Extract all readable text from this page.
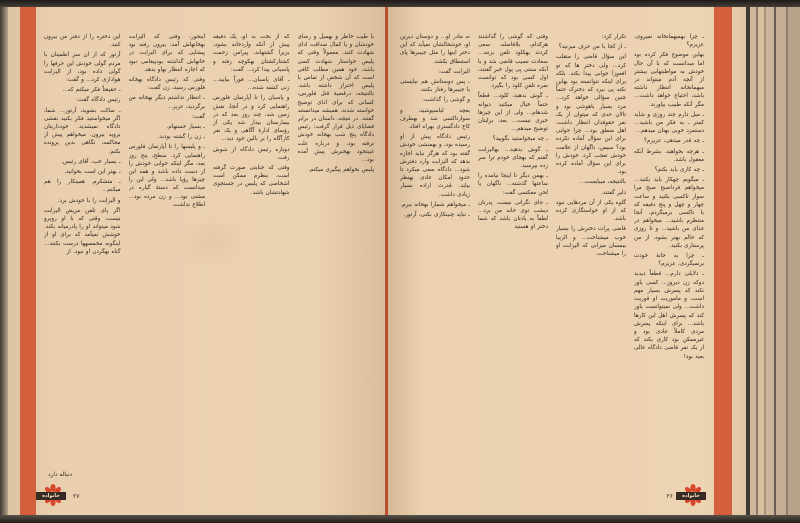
این دختره را از دفتر من بیرون کنید.

آرتور که از ان سر اطمینان با مردم گولی خودش این حرفها را گولی داده بود، از الیزابت هواداری کرد... و گفت:

ـ حقیقتاً فکر میکنم که...

رئیس دادگاه گفت:

ـ ساکت بشوید، آرتور... شما، اگر میخواستید فکر بکنید نقشی دادگاه نمیشدید. خودداریتان بروید بیرون. میخواهم پیش از محاکمه، نگاهی بدین پرونده بکنم.

ـ بسیار خب، آقای رئیس.

ـ بهتر این است بخوانید.

ـ متشکرم. همینکار را هم میکنم...

و الیزابت را با خودش برد.

اگر پای تلفن مریض الیزابت نیست، وقتی که با او روبرو شود میتواند او را پادرمیانه بکند. خوشش نمیآمد که برای او از اینگونه مخمصهها درست بکنند... گناه بهگردن او نبود. از

اینجور، وقتی که الیزابت بهخانهاش آمد، بیرون رفته بود پیشاپی که برای الیزابت در خانهاش گذاشته بودپیغامی نبود که اجازه انتظار بهاو بدهد.

وقتی که رئیس دادگاه بهخانه فلورس رسید، زن گفت:

ـ انتظار نداشتم دیگر بهخانه من برگردید، عزیز...

گفت:

ـ بسیار خستهام.

ـ زن را گشته بودند.

ـ و پلیسها را تا آپارتمان فلورس راهنمایی کرد. سطح، پنج روز بعد، مگر اینکه خوابی خودش را از دست داده باشد و همه این چیزها رؤیا باشد... ولی این را میدانست که دستهٔ گیاره در مشتی بود... و زن مرده بود... اطلاع نداشت.

که از بخت بد او، یک دقیقه پیش از آنکه واردخانه بشود، بزیرا گشتهاند، پیرامن زحمت کشتارکشتان بهکوچه رفته و پاسبانی پیدا کرد... گفت:

ـ آقای پاسبان... فوراً بیایید... زنی کشته شده...

و پاسبان را تا آپارتمان فلورس راهنمایی کرد و در آنجا، نقش زمین شد، چند روز بعد که در بیمارستان بیدار شد یکی از رؤسای ادارهٔ آگاهی و یک نفر کارآگاه را بر بالین خود دید...

دوباره رئیس دادگاه از شوش رفت.

وقتی که جنایتی صورت گرفته است، بنظرم ممکن است اشخاصی که پلیس در جستجوی شهادتشان باشد.

با طیب خاطر و بهمیل و رضای خودشان و یا کمال صداقت ادای شهادت کنند. معمولاً وقتی که پلیس خواستار شهادت کسی باشد، خود همین مطلب کافی است که آن شخص از تماس با پلیس احتراز داشته باشد. بالنتیجه، درقضیهٔ قتل فلورس، کسانی که برای ادای توضیح خواسته شدند، همیشه میدانستند گفتند. در نتیجه، داستان در برابر قضایای ذیل قرار گرفت: رئیس دادگاه پنج شب بهخانه خودش ترفته بود، و درباره علت غیبتخود بهخبرش پیش آمده بود...

پلیس بخواهم پیگیری میکنم.

خانواده	۲۷
دنباله دارد

نه مادر او... و دوستان دیرین او، خوشحالشان نمیآید که این دختر اینها را مثل جیببرها پای استنطاق بکشد.

الیزابت گفت:

ـ پس دوستانش هم نبایستی با جیببرها رفتار بکنند.

و گوشی را گذاشت.

بعچه لباسپوشید، و سوارتاکسی شد و بهطرف کاخ دادگستری بهراه افتاد.

رئیس دادگاه پیش از او رسیده بود، و بهمنشی خودش گفته بود که هرگز نباید اجازه بدهد که الیزابت وارد دفترش شود... دادگاه سعی میکرد تا حدود امکان عادی بهنظر بیاید. قدرت اراده بسیار زیادی داشت.

ـ میخواهم شمارا بهخانه ببرم.

ـ نباید چنینکاری بکنی، آرتور.

وقتی که گوشی را گذاشتند هرکدام، بلافاصله، سعی کردند بهکلود تلفن بزنند... سعادت نصیب قاضی شد و با آنکه سنتی پی پول خبر گفتند، اول کسی بود که توانست نمره تلفن کلود را بگیرد.

ـ گوش بدهید، کلود... قطعاً حتماً خیال میکنید دیوانه شدهام... ولی از این چیزها خبری نیست... بعد، برایتان توضیح میدهم...

ـ چه میخواستید بگویید؟

ـ گوش بدهید... بهالیزابت گفتم که بهجای خودم ترا سر زده بپرسید.

ـ بهمن دیگر تا اینجا نیامده را ساعتها گذشته... ناگهان با لحن معکسی گفت:

ـ جای نگرانی نیست. پدرتان دیشب توی خانه من برد... لطفاً به یادتان باشد که شما دختر او هستید

تکرار کرد:

ـ از کجا با من حرف میزنید؟

این سؤال قاضی را منقلب کرد... ولی دختر ها که تو افعوزا جوابی پیدا بکند. بلکه برای اینکه نتوانسته بود بهاین نکته پی ببرد که دخترک حتماً چنین سؤالی خواهد کرد... مرد بسیار باهوشی بود و تالان حدی که میتوان از یک نفر حقوقدان انتظار داشت، اهل منطق بود... چرا جوابی برای این سؤال آماده نکرده بود؟ سپس، ناگهان از علامت خودش تعجب کرد. خودش را برای این سؤال آماده کرده بود.

بالنتیجه، میبایست...

دلیر گفتند.

گلوه یکی از آن مردهایی نبود که از او خواستگاری کرده باشد.

قاضی پرات دخترش را بسیار خوب میشناخت... و الزیبا بیمسان میزانی که الیزابت او را میشناخت.

ـ چرا بهمیهمانخانه نمیروی، عزیزم؟

بهاین موضوع فکر کرده بود اما میدانست که با آن حال خودش به مواظبتهایی بیشتر از آنچه آدم میتواند در میهمانخانه انتظار داشته باشد، احتیاج خواهد داشت... مگر آنکه طبیب بیاورند.

ـ میل دارم چند روزی و شاید کمتر ـ به فکر من باشید... دستمزد خوبی بهتان میدهم...

ـ چه قدر میدهی، عزیزم؟

ـ هرچه بخواهید. بشرط آنکه معقول باشد.

ـ چه کاری باید بکنم؟

ـ میگویم چهکار باید بکنید... میخواهم فرداصبح صبح مرا سوار تاکسی بکنید و ساعت چهار و چهل و پنج دقیقه که با تاکسی برمیگردم، آنجا منتظرم باشید... میخواهم در غذای من باشید... و تا روزی که حالم بهتر بشود، از من پرستاری بکنید.

ـ چرا به خانهٔ خودت برنمیگردی، عزیزم؟

ـ دلایلی دارم... قطعاً دیدید دوکه زن دیروز... کسی باور نکند که پسرش بسیار مهم است، و ماموریت او فوریت داشت... ولی نمیتوانست باور کند که پسرش اهل این کارها باشد... برای اینکه پسرش مردی کاملاً عادی بود و غیرممکن بود کاری بکند که از یک نفر قاضی دادگاه عالی بعید بود!

خانواده
۲۶
